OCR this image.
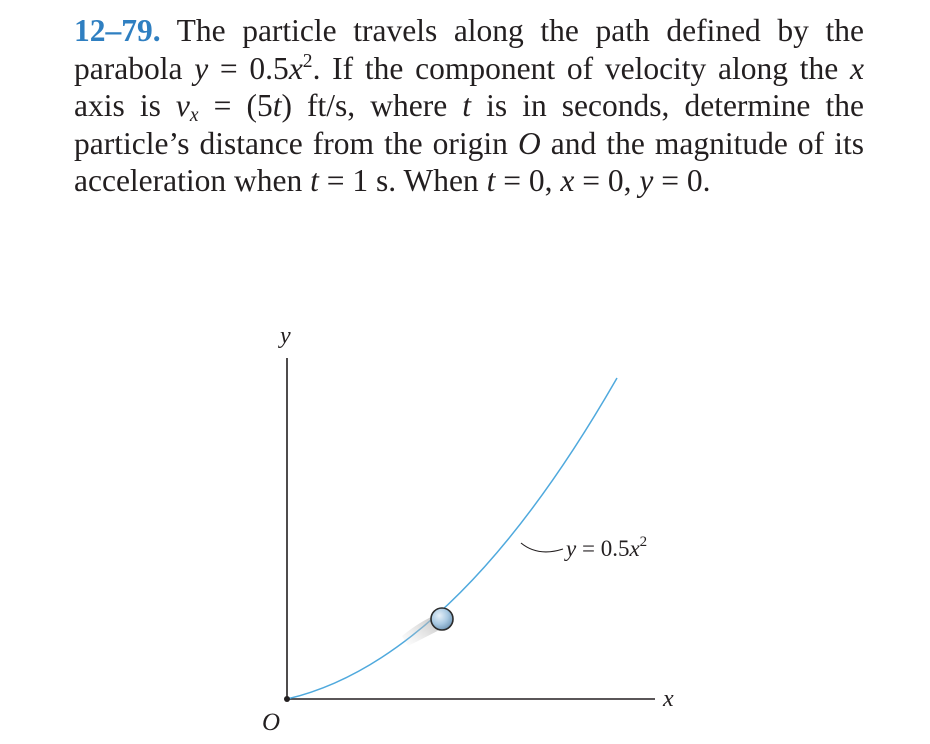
12–79. The particle travels along the path defined by the parabola $y = 0.5x^2$. If the component of velocity along the x axis is $v_x = (5t)$ ft/s, where t is in seconds, determine the particle’s distance from the origin O and the magnitude of its acceleration when t = 1 s. When t = 0, x = 0, y = 0.

$y = 0.5x^2$
y
x
O
